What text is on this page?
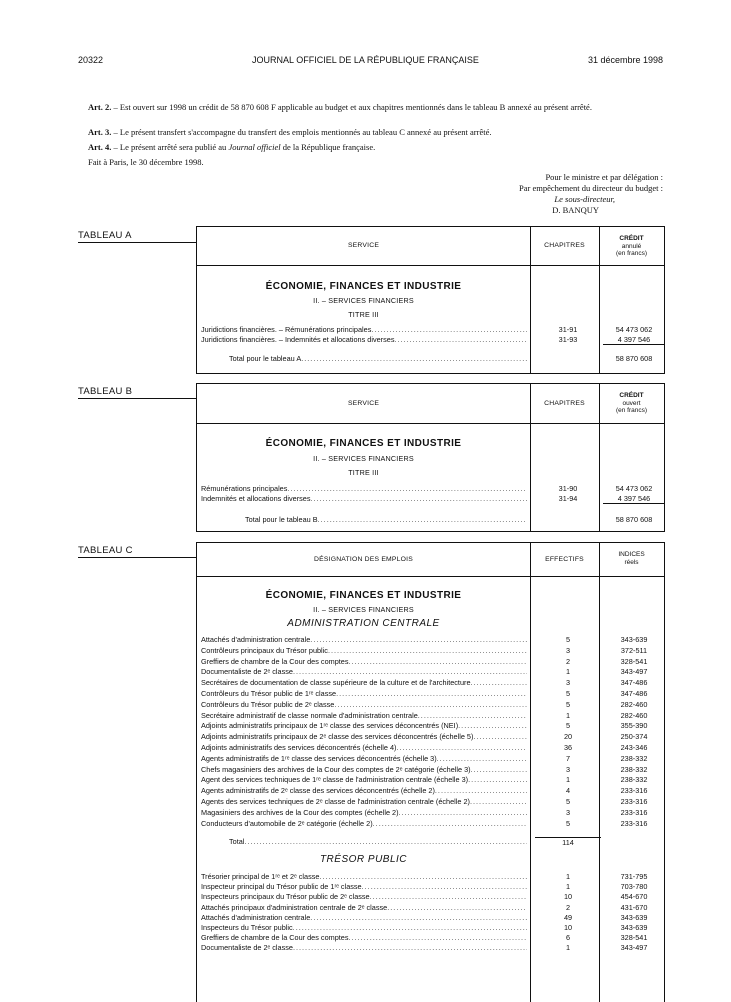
20322	JOURNAL OFFICIEL DE LA RÉPUBLIQUE FRANÇAISE	31 décembre 1998
Art. 2. – Est ouvert sur 1998 un crédit de 58 870 608 F applicable au budget et aux chapitres mentionnés dans le tableau B annexé au présent arrêté.
Art. 3. – Le présent transfert s'accompagne du transfert des emplois mentionnés au tableau C annexé au présent arrêté.
Art. 4. – Le présent arrêté sera publié au Journal officiel de la République française.
Fait à Paris, le 30 décembre 1998.
Pour le ministre et par délégation :
Par empêchement du directeur du budget :
Le sous-directeur,
D. BANQUY
TABLEAU A
SERVICE	CHAPITRES
CRÉDIT
annulé
(en francs)
ÉCONOMIE, FINANCES ET INDUSTRIE
II. – SERVICES FINANCIERS
TITRE III
Juridictions financières. – Rémunérations principales .....	31-91	54 473 062
Juridictions financières. – Indemnités et allocations diverses .....	31-93	4 397 546
Total pour le tableau A .....	58 870 608
TABLEAU B
SERVICE	CHAPITRES
CRÉDIT
ouvert
(en francs)
ÉCONOMIE, FINANCES ET INDUSTRIE
II. – SERVICES FINANCIERS
TITRE III
Rémunérations principales .....	31-90	54 473 062
Indemnités et allocations diverses .....	31-94	4 397 546
Total pour le tableau B .....	58 870 608
TABLEAU C
DÉSIGNATION DES EMPLOIS	EFFECTIFS
INDICES
réels
ÉCONOMIE, FINANCES ET INDUSTRIE
II. – SERVICES FINANCIERS
ADMINISTRATION CENTRALE
Attachés d'administration centrale .....	5	343-639
Contrôleurs principaux du Trésor public .....	3	372-511
Greffiers de chambre de la Cour des comptes .....	2	328-541
Documentaliste de 2ᵉ classe .....	1	343-497
Secrétaires de documentation de classe supérieure de la culture et de l'architecture .....	3	347-486
Contrôleurs du Trésor public de 1ʳᵉ classe .....	5	347-486
Contrôleurs du Trésor public de 2ᵉ classe .....	5	282-460
Secrétaire administratif de classe normale d'administration centrale .....	1	282-460
Adjoints administratifs principaux de 1ʳᵉ classe des services déconcentrés (NEI) .....	5	355-390
Adjoints administratifs principaux de 2ᵉ classe des services déconcentrés (échelle 5) .....	20	250-374
Adjoints administratifs des services déconcentrés (échelle 4) .....	36	243-346
Agents administratifs de 1ʳᵉ classe des services déconcentrés (échelle 3) .....	7	238-332
Chefs magasiniers des archives de la Cour des comptes de 2ᵉ catégorie (échelle 3) .....	3	238-332
Agent des services techniques de 1ʳᵉ classe de l'administration centrale (échelle 3) .....	1	238-332
Agents administratifs de 2ᵉ classe des services déconcentrés (échelle 2) .....	4	233-316
Agents des services techniques de 2ᵉ classe de l'administration centrale (échelle 2) .....	5	233-316
Magasiniers des archives de la Cour des comptes (échelle 2) .....	3	233-316
Conducteurs d'automobile de 2ᵉ catégorie (échelle 2) .....	5	233-316
Total .....	114
TRÉSOR PUBLIC
Trésorier principal de 1ʳᵉ et 2ᵉ classe .....	1	731-795
Inspecteur principal du Trésor public de 1ʳᵉ classe .....	1	703-780
Inspecteurs principaux du Trésor public de 2ᵉ classe .....	10	454-670
Attachés principaux d'administration centrale de 2ᵉ classe .....	2	431-670
Attachés d'administration centrale .....	49	343-639
Inspecteurs du Trésor public .....	10	343-639
Greffiers de chambre de la Cour des comptes .....	6	328-541
Documentaliste de 2ᵉ classe .....	1	343-497
